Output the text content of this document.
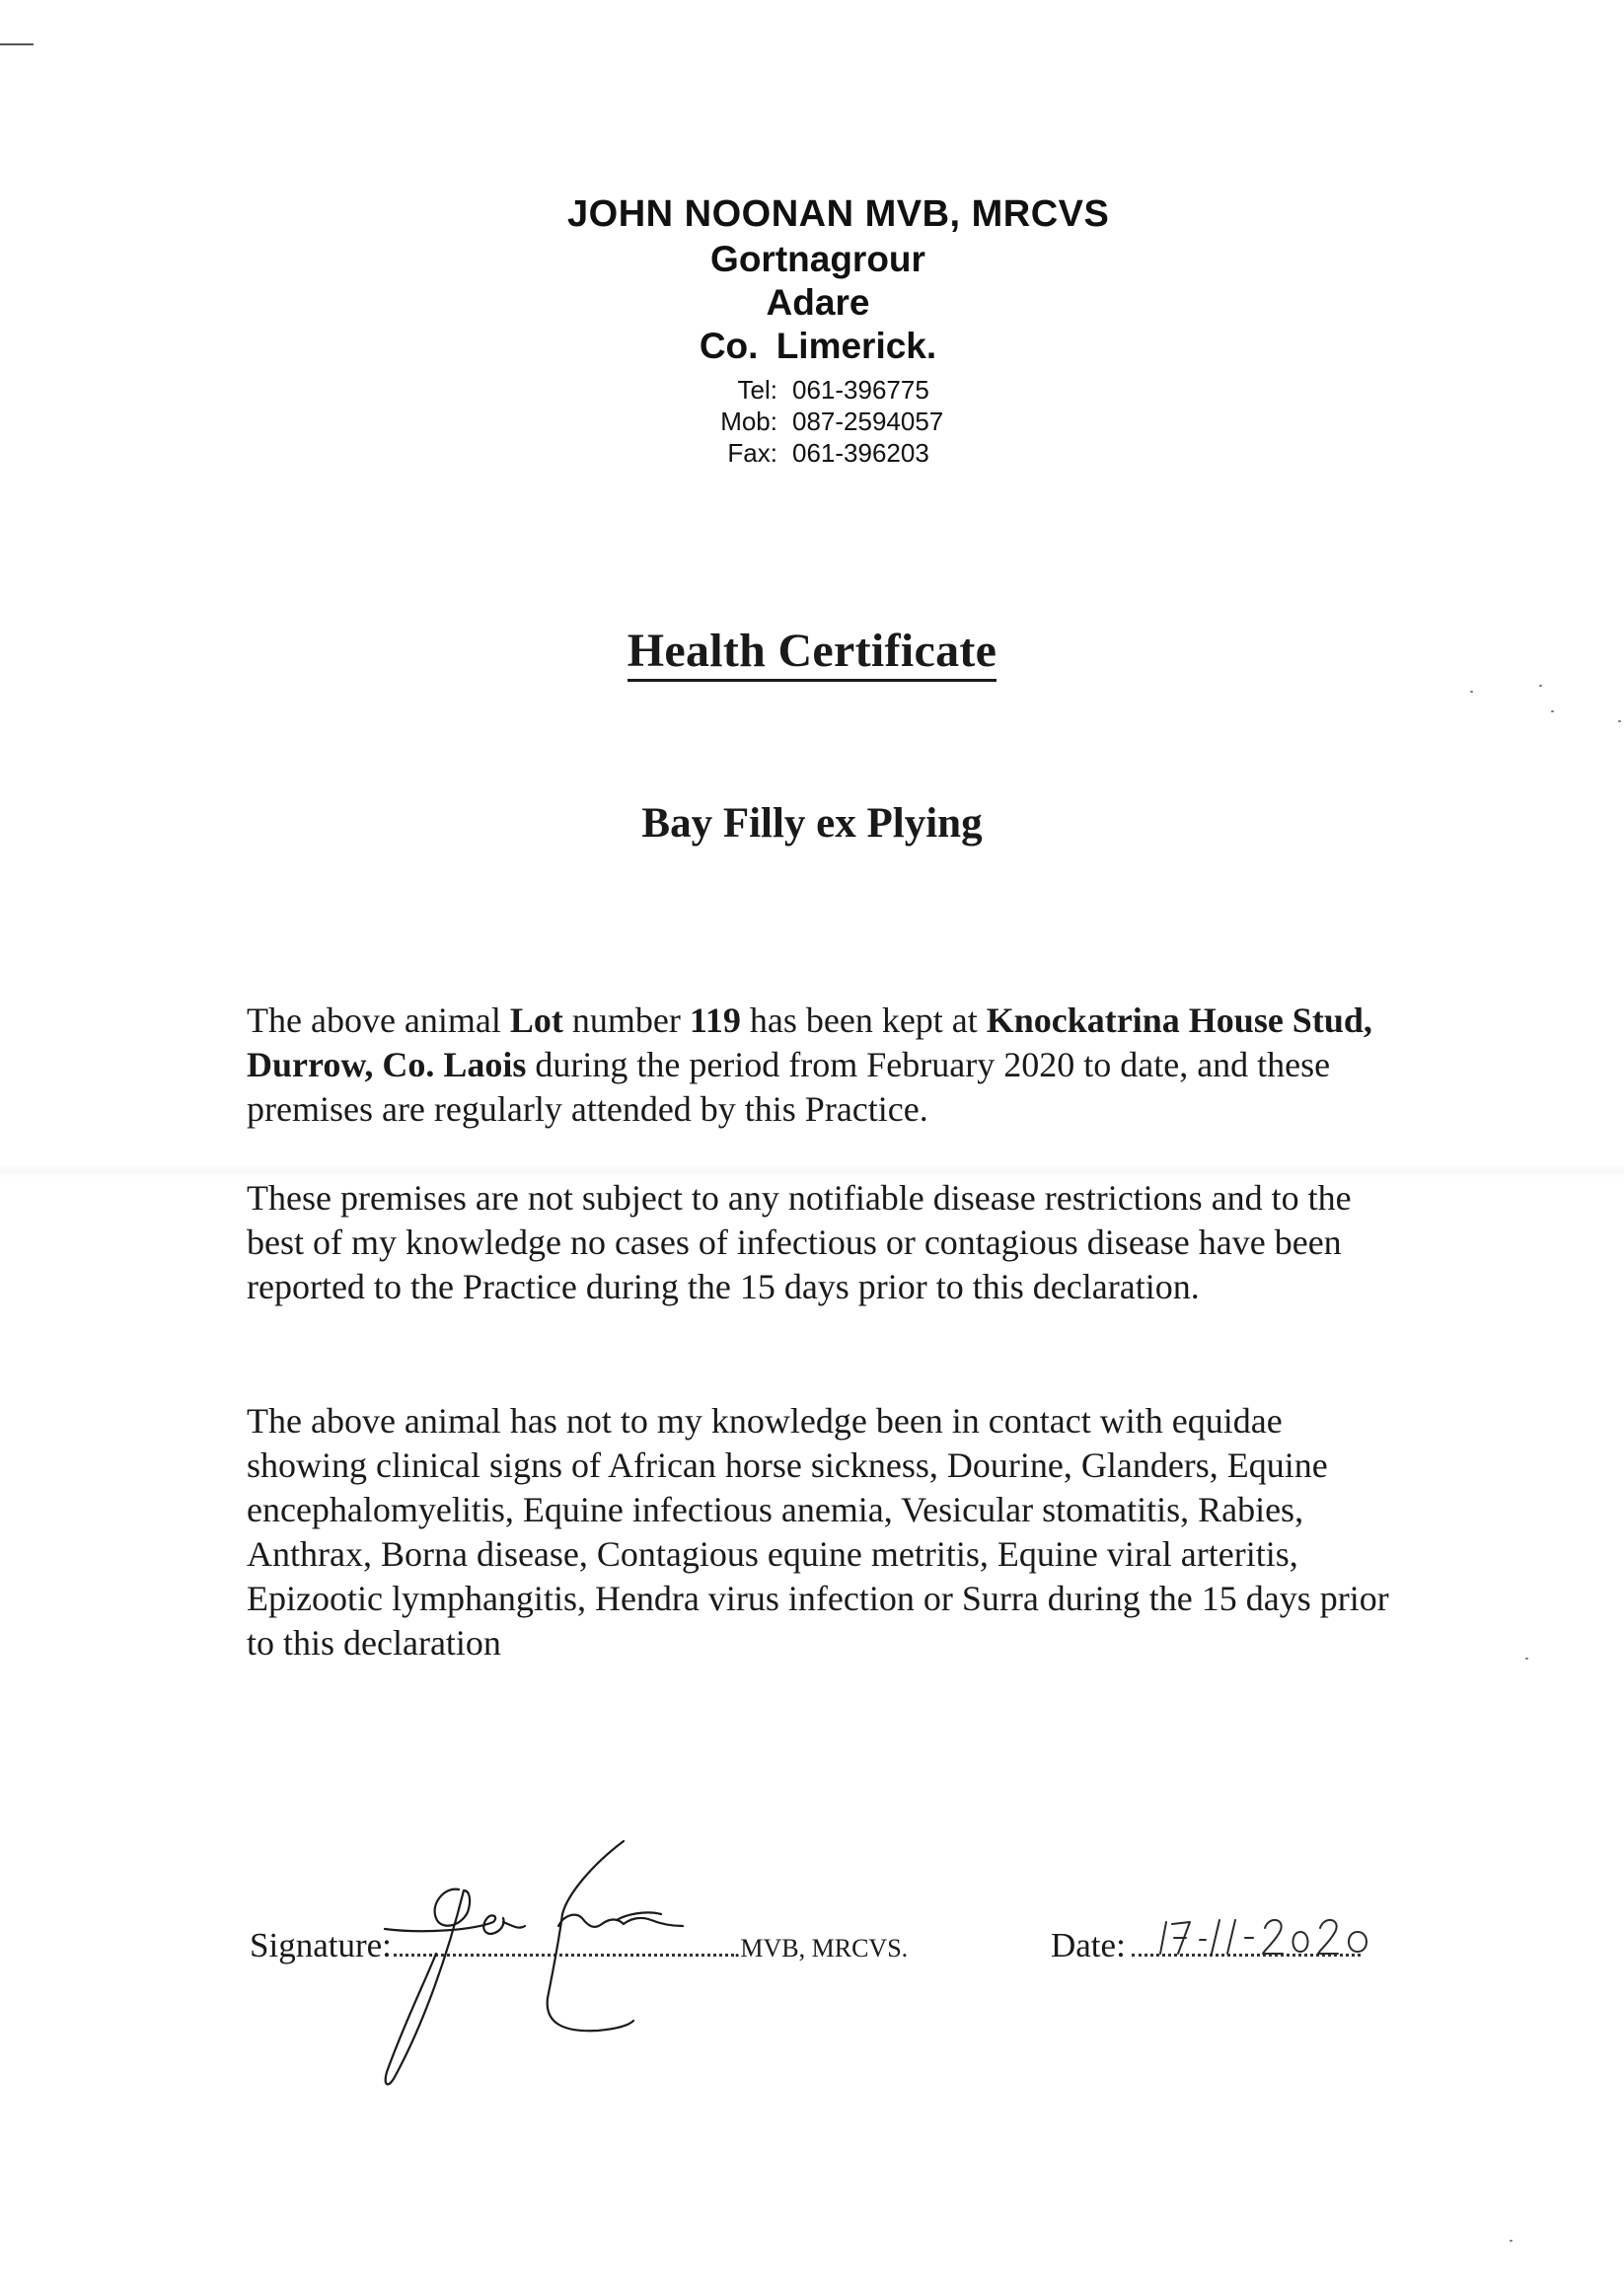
JOHN NOONAN MVB, MRCVS
Gortnagrour
Adare
Co. Limerick.
Tel: 061-396775
Mob: 087-2594057
Fax: 061-396203
Health Certificate
Bay Filly ex Plying
The above animal Lot number 119 has been kept at Knockatrina House Stud, Durrow, Co. Laois during the period from February 2020 to date, and these premises are regularly attended by this Practice.
These premises are not subject to any notifiable disease restrictions and to the best of my knowledge no cases of infectious or contagious disease have been reported to the Practice during the 15 days prior to this declaration.
The above animal has not to my knowledge been in contact with equidae showing clinical signs of African horse sickness, Dourine, Glanders, Equine encephalomyelitis, Equine infectious anemia, Vesicular stomatitis, Rabies, Anthrax, Borna disease, Contagious equine metritis, Equine viral arteritis, Epizootic lymphangitis, Hendra virus infection or Surra during the 15 days prior to this declaration
Signature:	.MVB, MRCVS.	Date:
